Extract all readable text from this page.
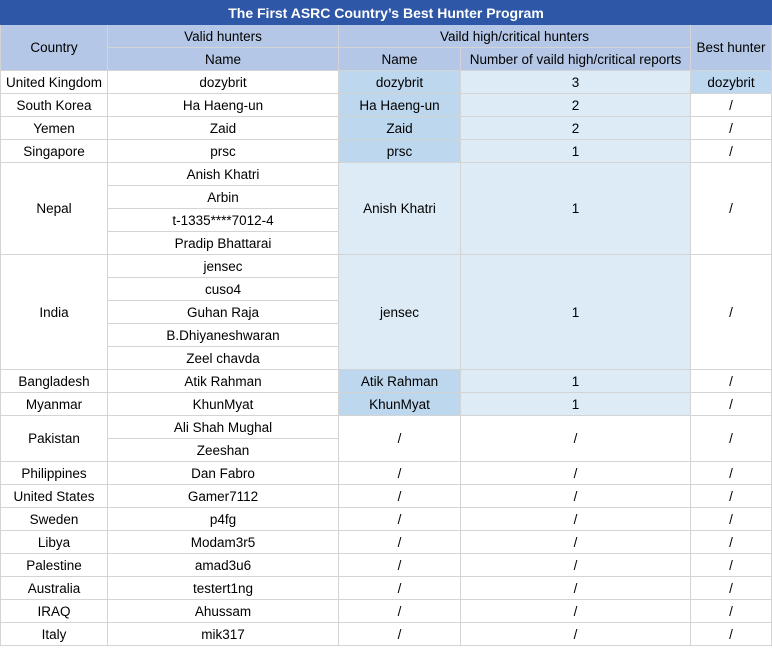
The First ASRC Country’s Best Hunter Program				
Country	Valid hunters	Vaild high/critical hunters		Best hunter
	Name	Name	Number of vaild high/critical reports	
United Kingdom	dozybrit	dozybrit	3	dozybrit
South Korea	Ha Haeng-un	Ha Haeng-un	2	/
Yemen	Zaid	Zaid	2	/
Singapore	prsc	prsc	1	/
Nepal	Anish Khatri	Anish Khatri	1	/
	Arbin			
	t-1335****7012-4			
	Pradip Bhattarai			
India	jensec	jensec	1	/
	cuso4			
	Guhan Raja			
	B.Dhiyaneshwaran			
	Zeel chavda			
Bangladesh	Atik Rahman	Atik Rahman	1	/
Myanmar	KhunMyat	KhunMyat	1	/
Pakistan	Ali Shah Mughal	/	/	/
	Zeeshan			
Philippines	Dan Fabro	/	/	/
United States	Gamer7112	/	/	/
Sweden	p4fg	/	/	/
Libya	Modam3r5	/	/	/
Palestine	amad3u6	/	/	/
Australia	testert1ng	/	/	/
IRAQ	Ahussam	/	/	/
Italy	mik317	/	/	/
